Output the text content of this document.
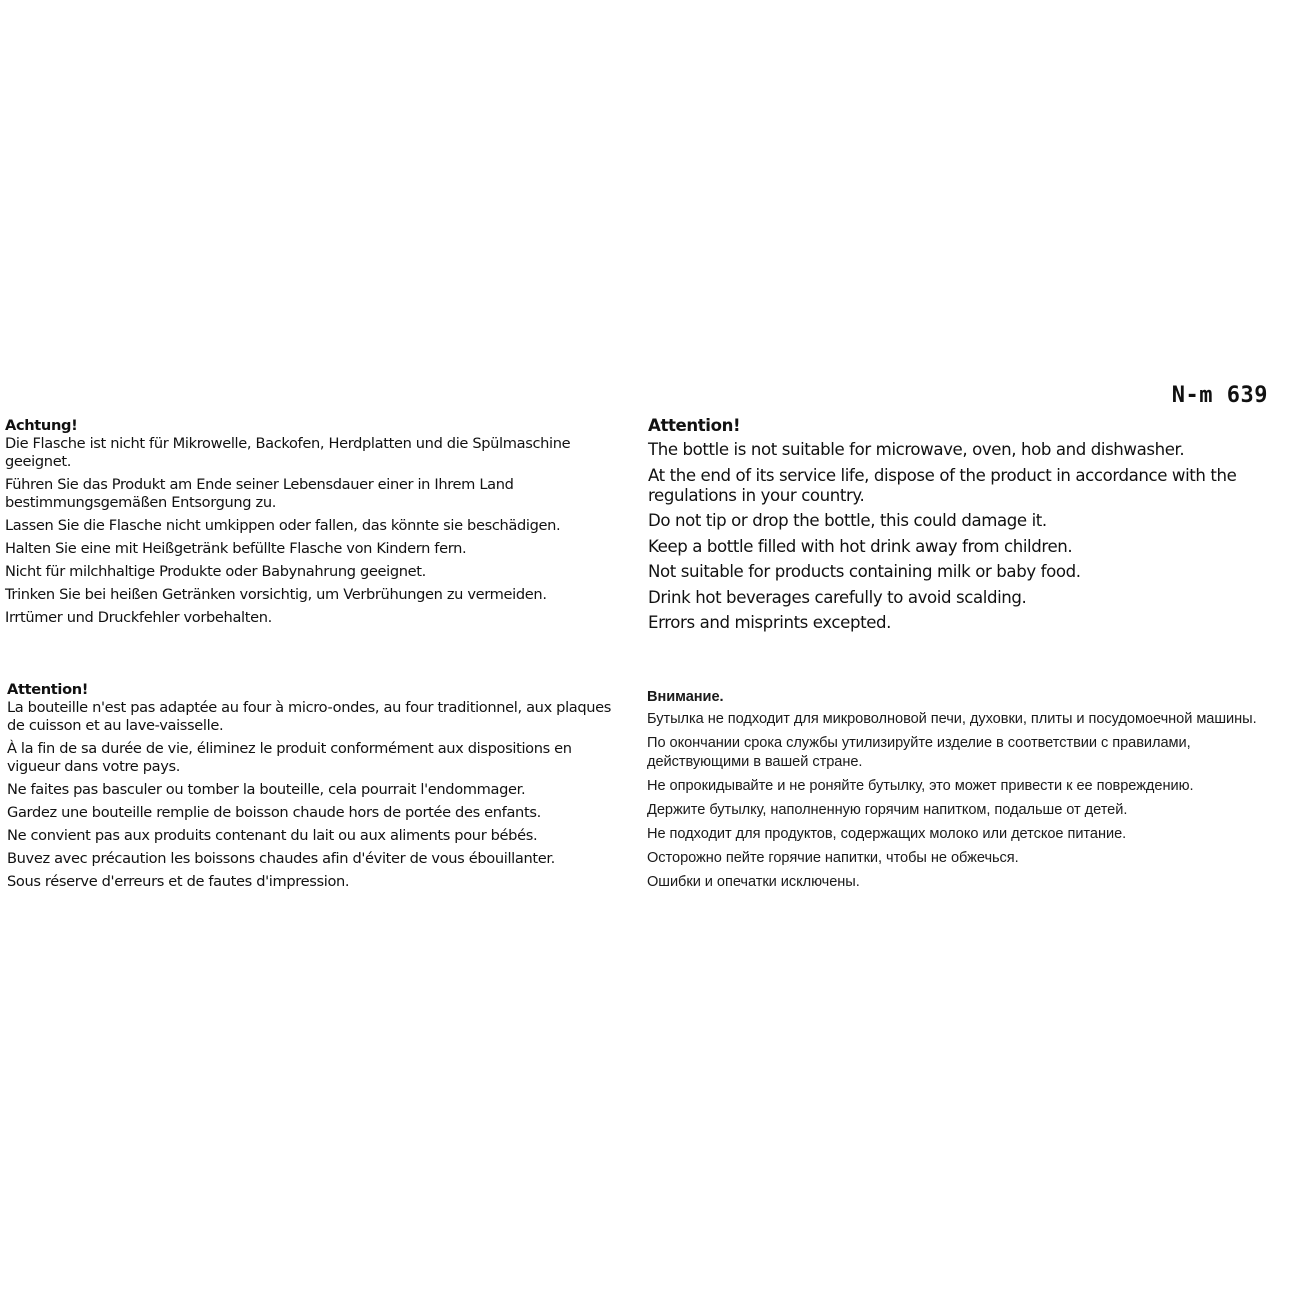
N-m 639
Achtung!

Die Flasche ist nicht für Mikrowelle, Backofen, Herdplatten und die Spülmaschine geeignet.

Führen Sie das Produkt am Ende seiner Lebensdauer einer in Ihrem Land bestimmungsgemäßen Entsorgung zu.

Lassen Sie die Flasche nicht umkippen oder fallen, das könnte sie beschädigen.

Halten Sie eine mit Heißgetränk befüllte Flasche von Kindern fern.

Nicht für milchhaltige Produkte oder Babynahrung geeignet.

Trinken Sie bei heißen Getränken vorsichtig, um Verbrühungen zu vermeiden.

Irrtümer und Druckfehler vorbehalten.

Attention!

The bottle is not suitable for microwave, oven, hob and dishwasher.

At the end of its service life, dispose of the product in accordance with the regulations in your country.

Do not tip or drop the bottle, this could damage it.

Keep a bottle filled with hot drink away from children.

Not suitable for products containing milk or baby food.

Drink hot beverages carefully to avoid scalding.

Errors and misprints excepted.

Attention!

La bouteille n'est pas adaptée au four à micro-ondes, au four traditionnel, aux plaques de cuisson et au lave-vaisselle.

À la fin de sa durée de vie, éliminez le produit conformément aux dispositions en vigueur dans votre pays.

Ne faites pas basculer ou tomber la bouteille, cela pourrait l'endommager.

Gardez une bouteille remplie de boisson chaude hors de portée des enfants.

Ne convient pas aux produits contenant du lait ou aux aliments pour bébés.

Buvez avec précaution les boissons chaudes afin d'éviter de vous ébouillanter.

Sous réserve d'erreurs et de fautes d'impression.

Внимание.

Бутылка не подходит для микроволновой печи, духовки, плиты и посудомоечной машины.

По окончании срока службы утилизируйте изделие в соответствии с правилами, действующими в вашей стране.

Не опрокидывайте и не роняйте бутылку, это может привести к ее повреждению.

Держите бутылку, наполненную горячим напитком, подальше от детей.

Не подходит для продуктов, содержащих молоко или детское питание.

Осторожно пейте горячие напитки, чтобы не обжечься.

Ошибки и опечатки исключены.
